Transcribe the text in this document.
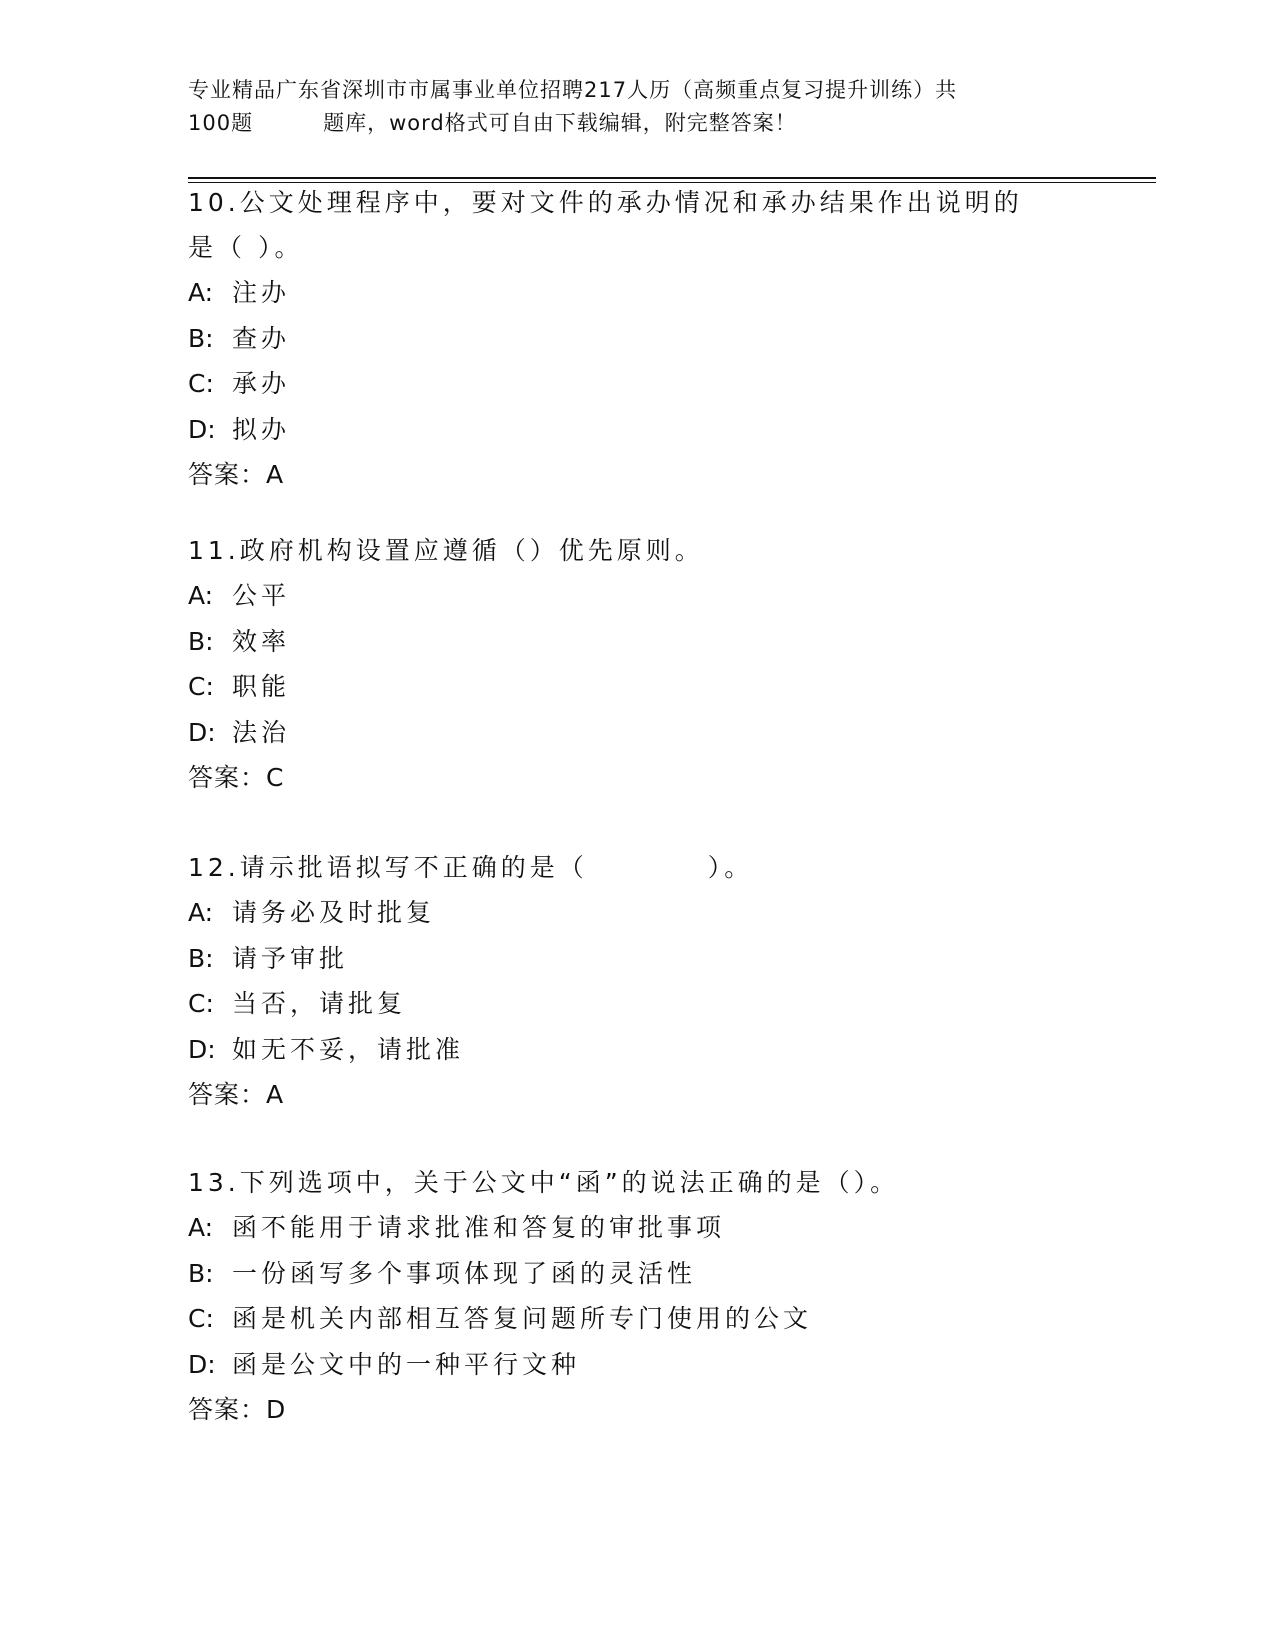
专业精品广东省深圳市市属事业单位招聘217人历（高频重点复习提升训练）共
100题	题库，word格式可自由下载编辑，附完整答案！

10.公文处理程序中，要对文件的承办情况和承办结果作出说明的是（ ）。

A: 注办

B: 查办

C: 承办

D: 拟办

答案：A

11.政府机构设置应遵循（）优先原则。

A: 公平

B: 效率

C: 职能

D: 法治

答案：C

12.请示批语拟写不正确的是（	）。

A: 请务必及时批复

B: 请予审批

C: 当否，请批复

D: 如无不妥，请批准

答案：A

13.下列选项中，关于公文中“函”的说法正确的是（）。

A: 函不能用于请求批准和答复的审批事项

B: 一份函写多个事项体现了函的灵活性

C: 函是机关内部相互答复问题所专门使用的公文

D: 函是公文中的一种平行文种

答案：D
